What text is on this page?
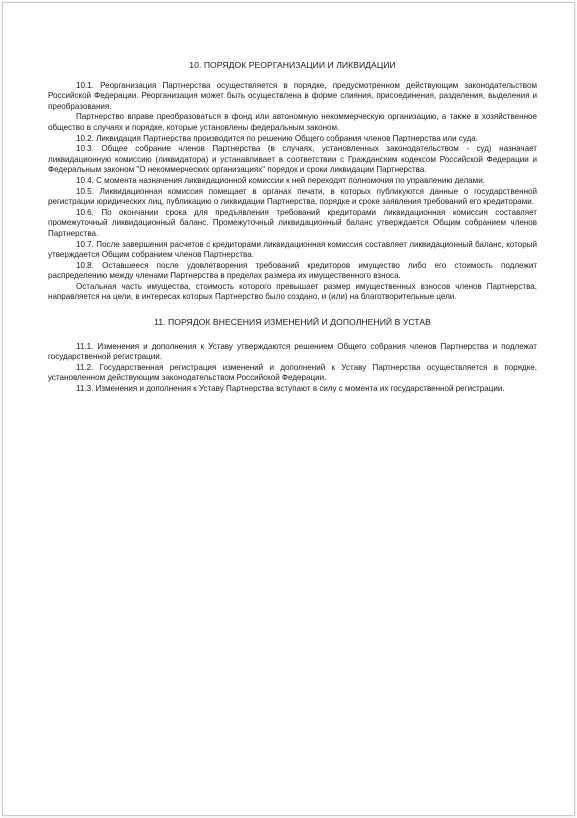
10. ПОРЯДОК РЕОРГАНИЗАЦИИ И ЛИКВИДАЦИИ

10.1. Реорганизация Партнерства осуществляется в порядке, предусмотренном действующим законодательством Российской Федерации. Реорганизация может быть осуществлена в форме слияния, присоединения, разделения, выделения и преобразования.

Партнерство вправе преобразоваться в фонд или автономную некоммерческую организацию, а также в хозяйственное общество в случаях и порядке, которые установлены федеральным законом.

10.2. Ликвидация Партнерства производится по решению Общего собрания членов Партнерства или суда.

10.3. Общее собрание членов Партнерства (в случаях, установленных законодательством - суд) назначает ликвидационную комиссию (ликвидатора) и устанавливает в соответствии с Гражданским кодексом Российской Федерации и Федеральным законом "О некоммерческих организациях" порядок и сроки ликвидации Партнерства.

10.4. С момента назначения ликвидационной комиссии к ней переходят полномочия по управлению делами.

10.5. Ликвидационная комиссия помещает в органах печати, в которых публикуются данные о государственной регистрации юридических лиц, публикацию о ликвидации Партнерства, порядке и сроке заявления требований его кредиторами.

10.6. По окончании срока для предъявления требований кредиторами ликвидационная комиссия составляет промежуточный ликвидационный баланс. Промежуточный ликвидационный баланс утверждается Общим собранием членов Партнерства.

10.7. После завершения расчетов с кредиторами ликвидационная комиссия составляет ликвидационный баланс, который утверждается Общим собранием членов Партнерства.

10.8. Оставшееся после удовлетворения требований кредиторов имущество либо его стоимость подлежит распределению между членами Партнерства в пределах размера их имущественного взноса.

Остальная часть имущества, стоимость которого превышает размер имущественных взносов членов Партнерства, направляется на цели, в интересах которых Партнерство было создано, и (или) на благотворительные цели.

11. ПОРЯДОК ВНЕСЕНИЯ ИЗМЕНЕНИЙ И ДОПОЛНЕНИЙ В УСТАВ

11.1. Изменения и дополнения к Уставу утверждаются решением Общего собрания членов Партнерства и подлежат государственной регистрации.

11.2. Государственная регистрация изменений и дополнений к Уставу Партнерства осуществляется в порядке, установленном действующим законодательством Российской Федерации.

11.3. Изменения и дополнения к Уставу Партнерства вступают в силу с момента их государственной регистрации.
